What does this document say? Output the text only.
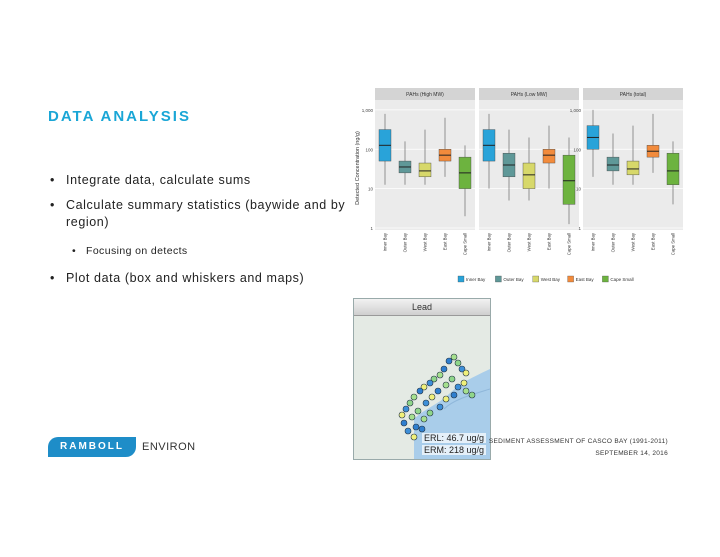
DATA ANALYSIS
• Integrate data, calculate sums
• Calculate summary statistics (baywide and by region)
• Focusing on detects
• Plot data (box and whiskers and maps)
Detected Concentration (ng/g)
PAHs (High MW)
1,000
100
10
1
Inner Bay	Outer Bay	West Bay	East Bay	Cape Small
PAHs (Low MW)
Inner Bay	Outer Bay	West Bay	East Bay	Cape Small
PAHs (total)
1,000
100
10
1
Inner Bay	Outer Bay	West Bay	East Bay	Cape Small
Inner Bay	Outer Bay	West Bay	East Bay	Cape Small
Lead
ERL: 46.7 ug/g
ERM: 218 ug/g
RAMBOLL	ENVIRON	SEDIMENT ASSESSMENT OF CASCO BAY (1991-2011)
SEPTEMBER 14, 2016
